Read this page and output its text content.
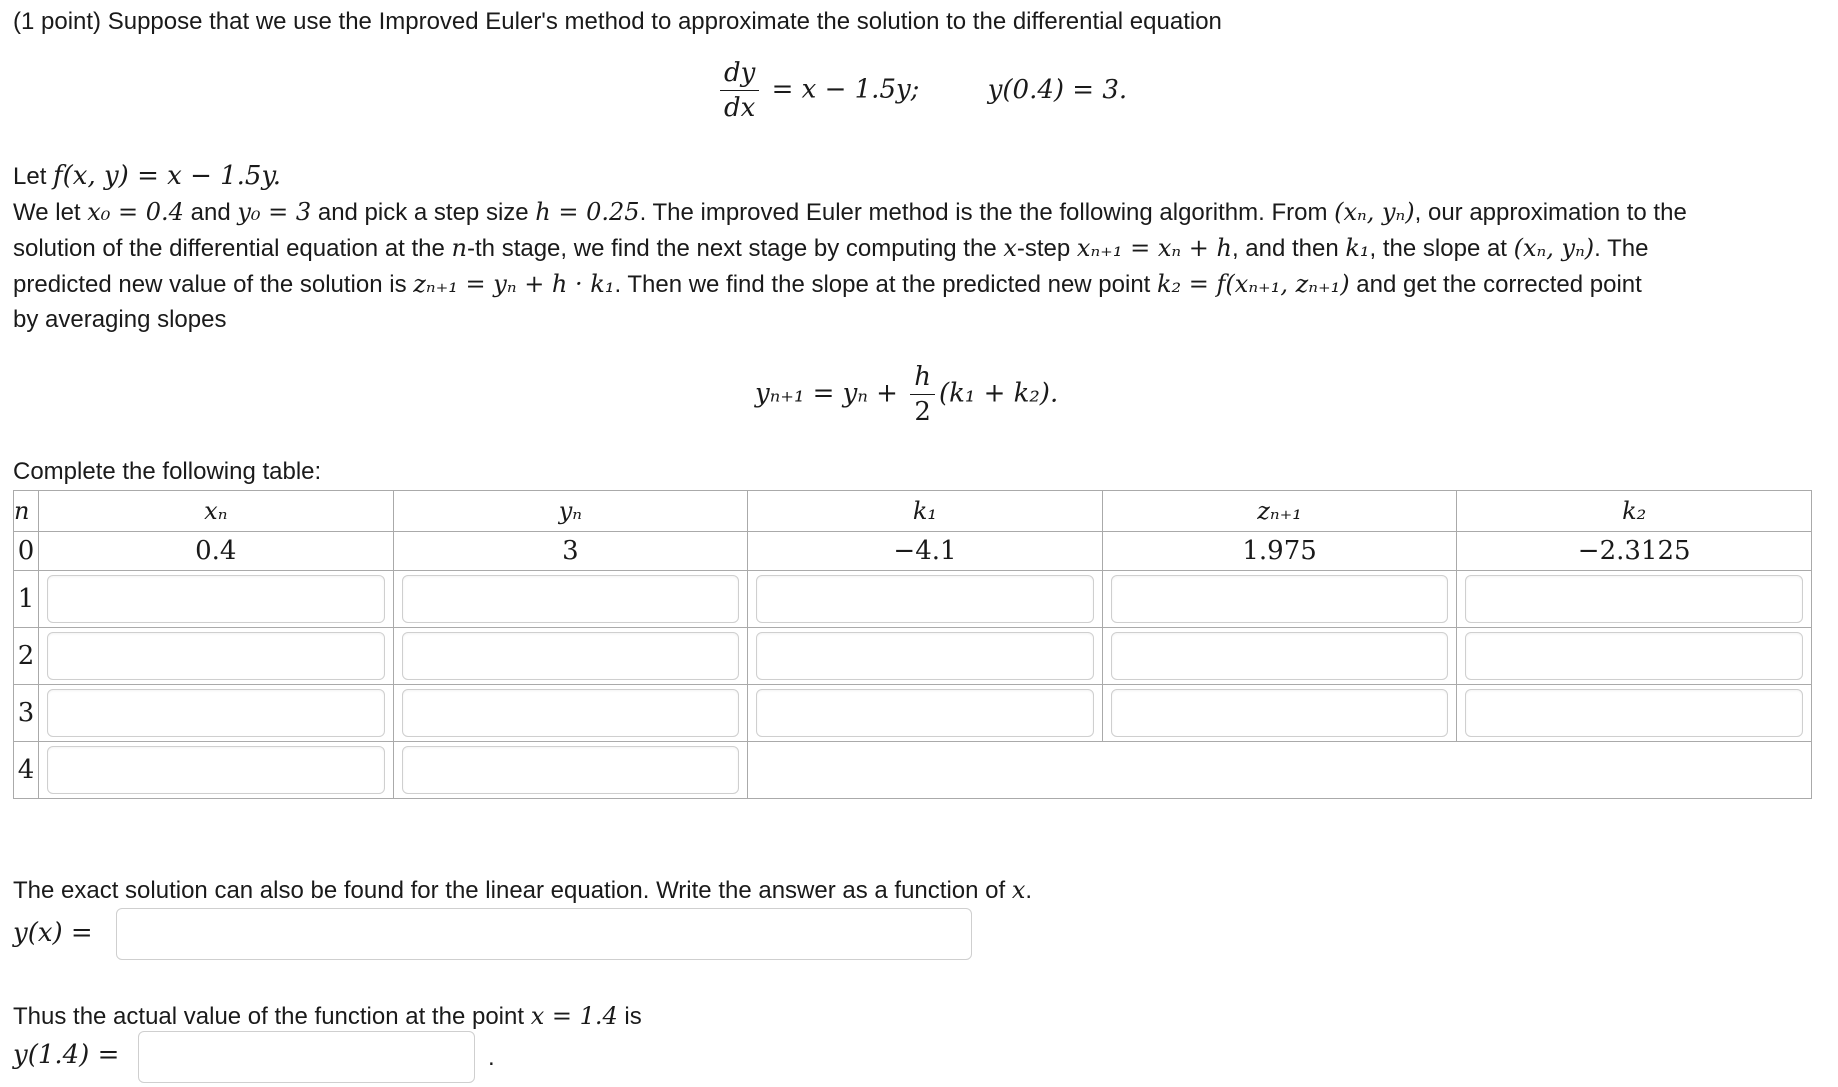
(1 point) Suppose that we use the Improved Euler's method to approximate the solution to the differential equation
$\frac{dy}{dx} = x - 1.5y$;	y(0.4) = 3.
Let f(x, y) = x − 1.5y.
We let x₀ = 0.4 and y₀ = 3 and pick a step size h = 0.25. The improved Euler method is the the following algorithm. From (xₙ, yₙ), our approximation to the
solution of the differential equation at the n-th stage, we find the next stage by computing the x-step xₙ₊₁ = xₙ + h, and then k₁, the slope at (xₙ, yₙ). The
predicted new value of the solution is zₙ₊₁ = yₙ + h · k₁. Then we find the slope at the predicted new point k₂ = f(xₙ₊₁, zₙ₊₁) and get the corrected point
by averaging slopes
$y_{n+1} = y_n + \frac{h}{2} (k_1 + k_2)$.
Complete the following table:
n	xₙ	yₙ	k₁	zₙ₊₁	k₂
0	0.4	3	−4.1	1.975	−2.3125
1	

2	

3	

4	

The exact solution can also be found for the linear equation. Write the answer as a function of x.
y(x) =
Thus the actual value of the function at the point x = 1.4 is
y(1.4) =	.
